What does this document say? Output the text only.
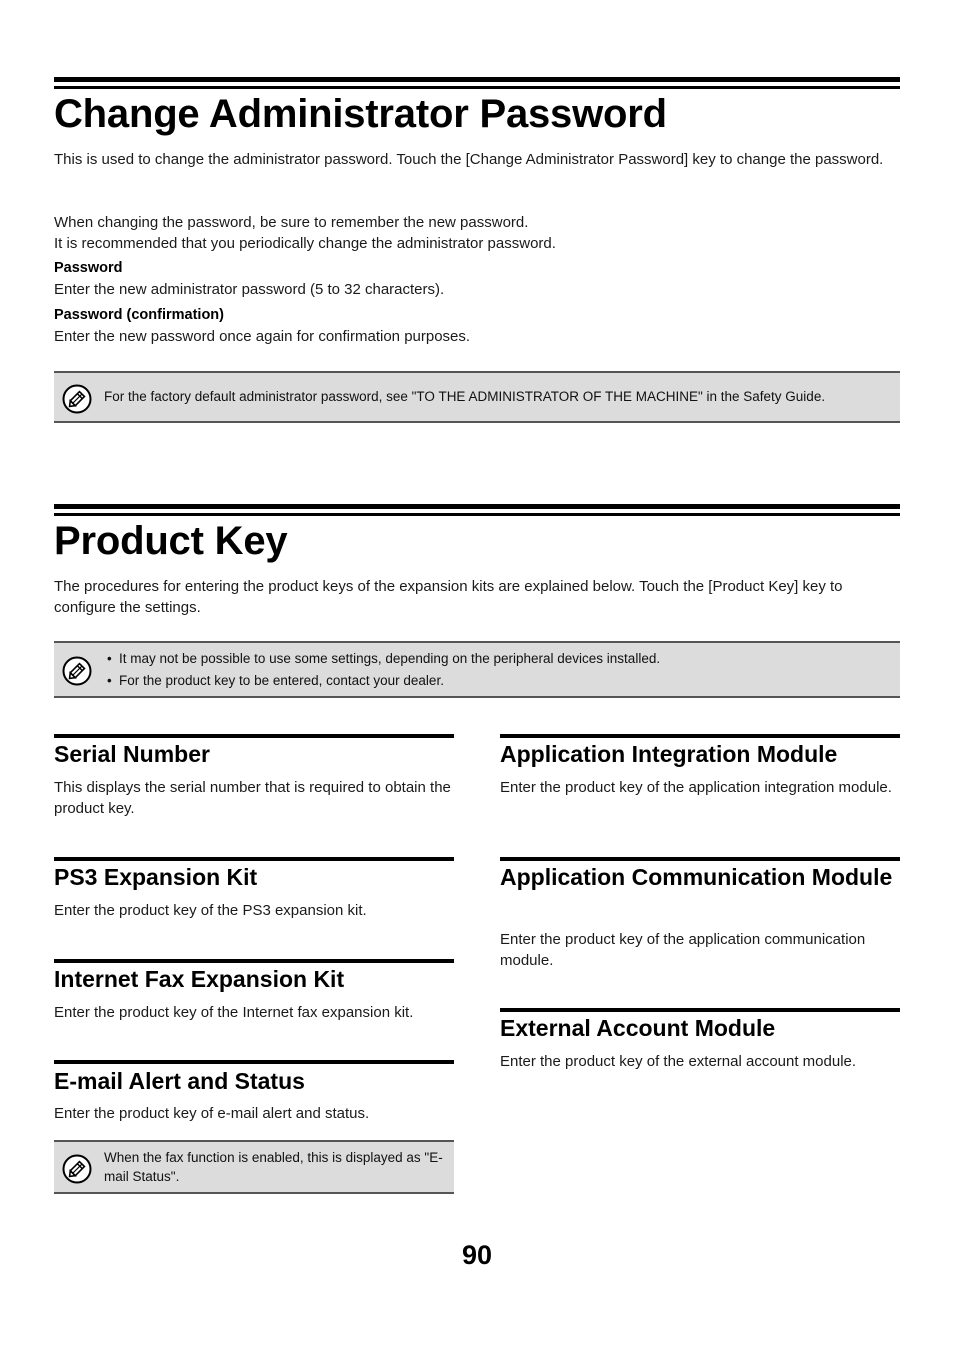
Change Administrator Password

This is used to change the administrator password. Touch the [Change Administrator Password] key to change the password.

When changing the password, be sure to remember the new password.

It is recommended that you periodically change the administrator password.

Password

Enter the new administrator password (5 to 32 characters).

Password (confirmation)

Enter the new password once again for confirmation purposes.

For the factory default administrator password, see "TO THE ADMINISTRATOR OF THE MACHINE" in the Safety Guide.
Product Key

The procedures for entering the product keys of the expansion kits are explained below. Touch the [Product Key] key to configure the settings.

• It may not be possible to use some settings, depending on the peripheral devices installed.
• For the product key to be entered, contact your dealer.
Serial Number

This displays the serial number that is required to obtain the product key.

PS3 Expansion Kit

Enter the product key of the PS3 expansion kit.

Internet Fax Expansion Kit

Enter the product key of the Internet fax expansion kit.

E-mail Alert and Status

Enter the product key of e-mail alert and status.

When the fax function is enabled, this is displayed as "E-mail Status".
Application Integration Module

Enter the product key of the application integration module.

Application Communication Module

Enter the product key of the application communication module.

External Account Module

Enter the product key of the external account module.

90
